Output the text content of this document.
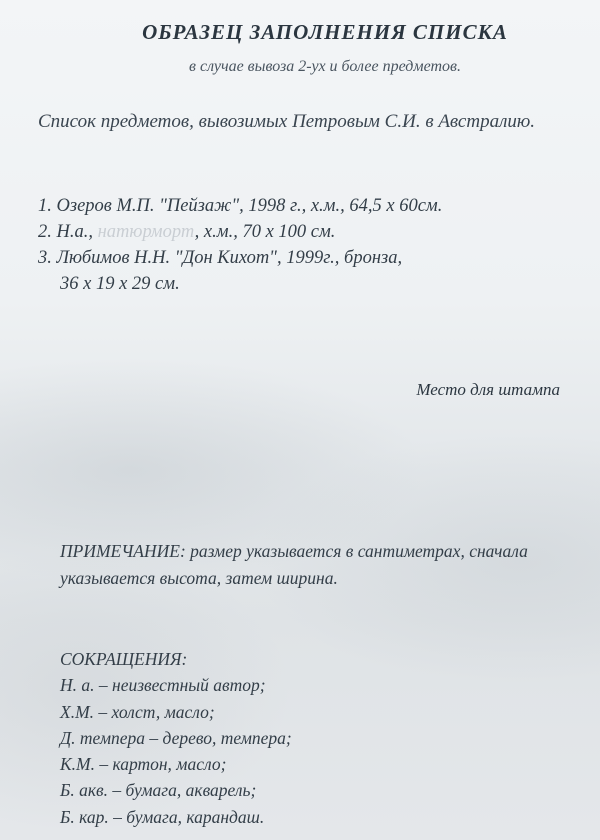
ОБРАЗЕЦ ЗАПОЛНЕНИЯ СПИСКА
в случае вывоза 2-ух и более предметов.
Список предметов, вывозимых Петровым С.И. в Австралию.
1. Озеров М.П. "Пейзаж", 1998 г., х.м., 64,5 х 60см.
2. Н.а., натюрморт, х.м., 70 х 100 см.
3. Любимов Н.Н. "Дон Кихот", 1999г., бронза,
36 х 19 х 29 см.
Место для штампа
ПРИМЕЧАНИЕ: размер указывается в сантиметрах, сначала указывается высота, затем ширина.
СОКРАЩЕНИЯ:
Н. а. – неизвестный автор;
Х.М. – холст, масло;
Д. темпера – дерево, темпера;
К.М. – картон, масло;
Б. акв. – бумага, акварель;
Б. кар. – бумага, карандаш.
